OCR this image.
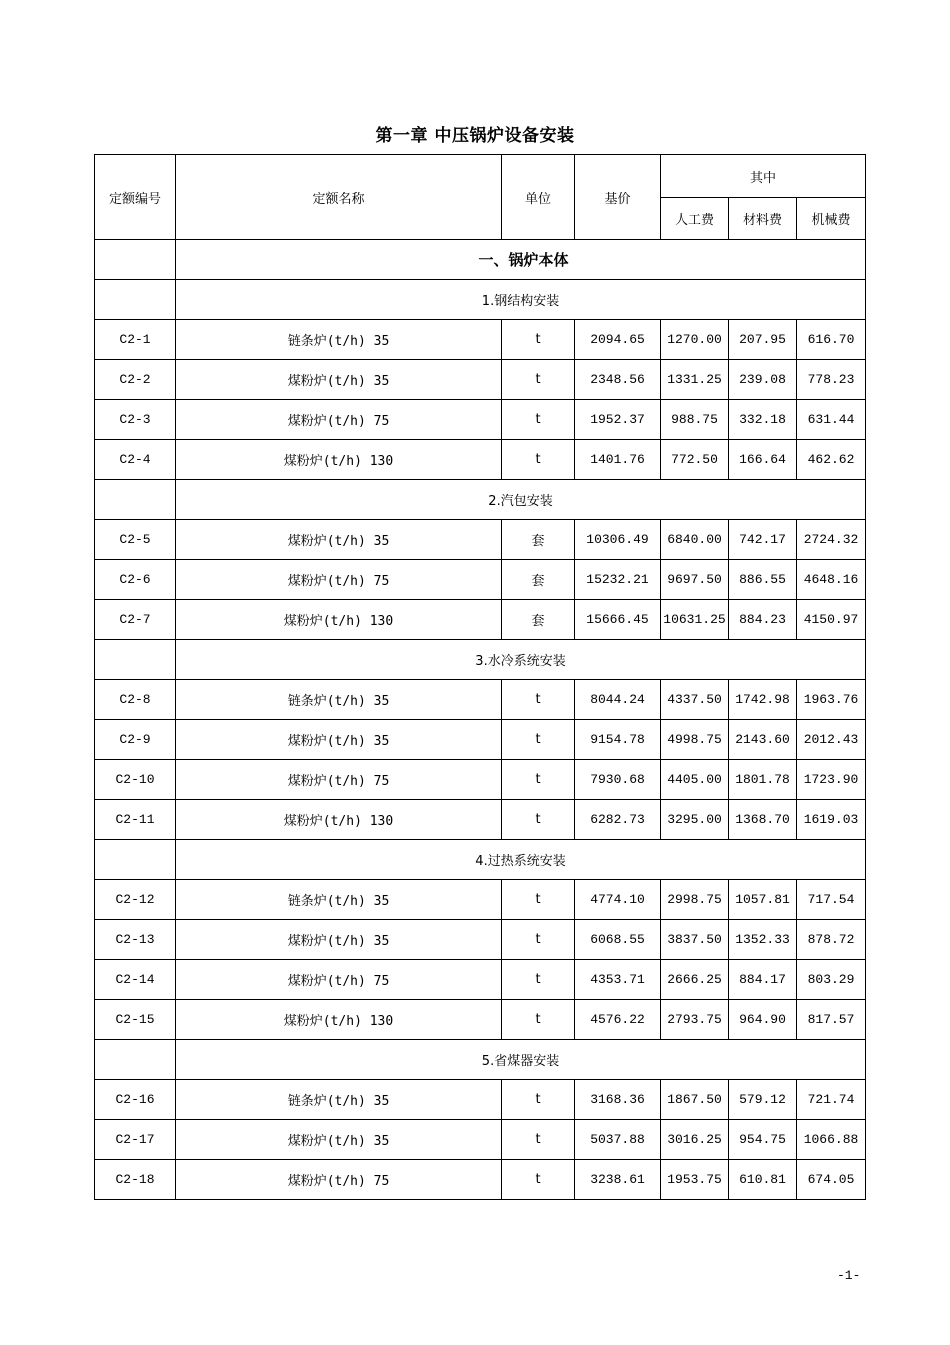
第一章 中压锅炉设备安装
定额编号	定额名称	单位	基价	其中		
				人工费	材料费	机械费
	一、锅炉本体					
	1.钢结构安装					
C2-1	链条炉(t/h) 35	t	2094.65	1270.00	207.95	616.70
C2-2	煤粉炉(t/h) 35	t	2348.56	1331.25	239.08	778.23
C2-3	煤粉炉(t/h) 75	t	1952.37	988.75	332.18	631.44
C2-4	煤粉炉(t/h) 130	t	1401.76	772.50	166.64	462.62
	2.汽包安装					
C2-5	煤粉炉(t/h) 35	套	10306.49	6840.00	742.17	2724.32
C2-6	煤粉炉(t/h) 75	套	15232.21	9697.50	886.55	4648.16
C2-7	煤粉炉(t/h) 130	套	15666.45	10631.25	884.23	4150.97
	3.水冷系统安装					
C2-8	链条炉(t/h) 35	t	8044.24	4337.50	1742.98	1963.76
C2-9	煤粉炉(t/h) 35	t	9154.78	4998.75	2143.60	2012.43
C2-10	煤粉炉(t/h) 75	t	7930.68	4405.00	1801.78	1723.90
C2-11	煤粉炉(t/h) 130	t	6282.73	3295.00	1368.70	1619.03
	4.过热系统安装					
C2-12	链条炉(t/h) 35	t	4774.10	2998.75	1057.81	717.54
C2-13	煤粉炉(t/h) 35	t	6068.55	3837.50	1352.33	878.72
C2-14	煤粉炉(t/h) 75	t	4353.71	2666.25	884.17	803.29
C2-15	煤粉炉(t/h) 130	t	4576.22	2793.75	964.90	817.57
	5.省煤器安装					
C2-16	链条炉(t/h) 35	t	3168.36	1867.50	579.12	721.74
C2-17	煤粉炉(t/h) 35	t	5037.88	3016.25	954.75	1066.88
C2-18	煤粉炉(t/h) 75	t	3238.61	1953.75	610.81	674.05
-1-
